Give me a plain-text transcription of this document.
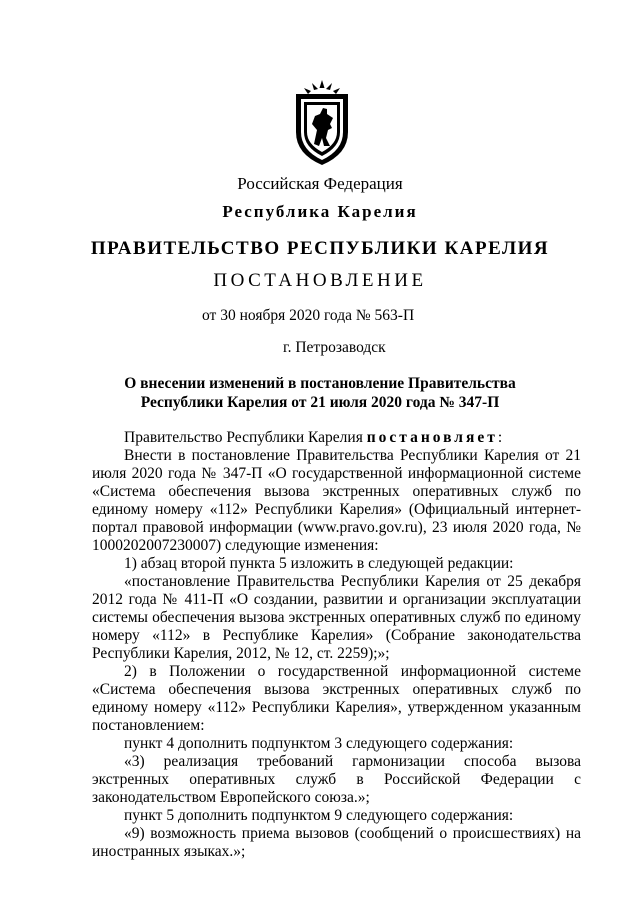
Российская Федерация
Республика Карелия
ПРАВИТЕЛЬСТВО РЕСПУБЛИКИ КАРЕЛИЯ
ПОСТАНОВЛЕНИЕ
от 30 ноября 2020 года № 563-П
г. Петрозаводск
О внесении изменений в постановление Правительства
Республики Карелия от 21 июля 2020 года № 347-П

Правительство Республики Карелия постановляет:

Внести в постановление Правительства Республики Карелия от 21 июля 2020 года № 347-П «О государственной информационной системе «Система обеспечения вызова экстренных оперативных служб по единому номеру «112» Республики Карелия» (Официальный интернет-портал правовой информации (www.pravo.gov.ru), 23 июля 2020 года, № 1000202007230007) следующие изменения:

1) абзац второй пункта 5 изложить в следующей редакции:

«постановление Правительства Республики Карелия от 25 декабря 2012 года № 411-П «О создании, развитии и организации эксплуатации системы обеспечения вызова экстренных оперативных служб по единому номеру «112» в Республике Карелия» (Собрание законодательства Республики Карелия, 2012, № 12, ст. 2259);»;

2) в Положении о государственной информационной системе «Система обеспечения вызова экстренных оперативных служб по единому номеру «112» Республики Карелия», утвержденном указанным постановлением:

пункт 4 дополнить подпунктом 3 следующего содержания:

«3) реализация требований гармонизации способа вызова экстренных оперативных служб в Российской Федерации с законодательством Европейского союза.»;

пункт 5 дополнить подпунктом 9 следующего содержания:

«9) возможность приема вызовов (сообщений о происшествиях) на иностранных языках.»;
